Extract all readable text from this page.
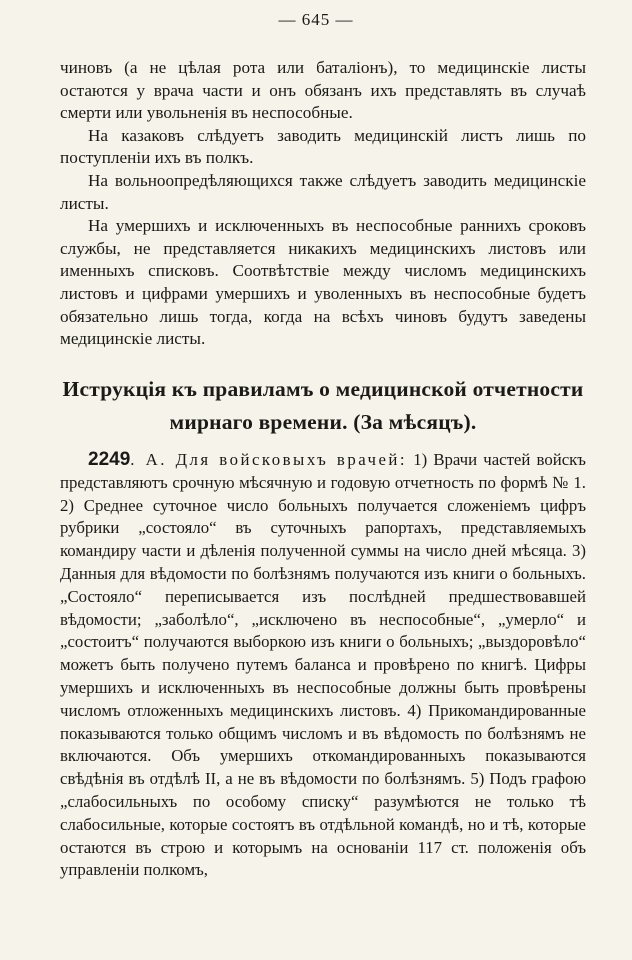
— 645 —

чиновъ (а не цѣлая рота или баталіонъ), то медицинскіе листы остаются у врача части и онъ обязанъ ихъ представлять въ случаѣ смерти или увольненія въ неспособные.

На казаковъ слѣдуетъ заводить медицинскій листъ лишь по поступленіи ихъ въ полкъ.

На вольноопредѣляющихся также слѣдуетъ заводить медицинскіе листы.

На умершихъ и исключенныхъ въ неспособные раннихъ сроковъ службы, не представляется никакихъ медицинскихъ листовъ или именныхъ списковъ. Соотвѣтствіе между числомъ медицинскихъ листовъ и цифрами умершихъ и уволенныхъ въ неспособные будетъ обязательно лишь тогда, когда на всѣхъ чиновъ будутъ заведены медицинскіе листы.

Иструкція къ правиламъ о медицинской отчетности
мирнаго времени. (За мѣсяцъ).

2249. А. Для войсковыхъ врачей: 1) Врачи частей войскъ представляютъ срочную мѣсячную и годовую отчетность по формѣ № 1. 2) Среднее суточное число больныхъ получается сложеніемъ цифръ рубрики „состояло“ въ суточныхъ рапортахъ, представляемыхъ командиру части и дѣленія полученной суммы на число дней мѣсяца. 3) Данныя для вѣдомости по болѣзнямъ получаются изъ книги о больныхъ. „Состояло“ переписывается изъ послѣдней предшествовавшей вѣдомости; „заболѣло“, „исключено въ неспособные“, „умерло“ и „состоитъ“ получаются выборкою изъ книги о больныхъ; „выздоровѣло“ можетъ быть получено путемъ баланса и провѣрено по книгѣ. Цифры умершихъ и исключенныхъ въ неспособные должны быть провѣрены числомъ отложенныхъ медицинскихъ листовъ. 4) Прикомандированные показываются только общимъ числомъ и въ вѣдомость по болѣзнямъ не включаются. Объ умершихъ откомандированныхъ показываются свѣдѣнія въ отдѣлѣ II, а не въ вѣдомости по болѣзнямъ. 5) Подъ графою „слабосильныхъ по особому списку“ разумѣются не только тѣ слабосильные, которые состоятъ въ отдѣльной командѣ, но и тѣ, которые остаются въ строю и которымъ на основаніи 117 ст. положенія объ управленіи полкомъ,
